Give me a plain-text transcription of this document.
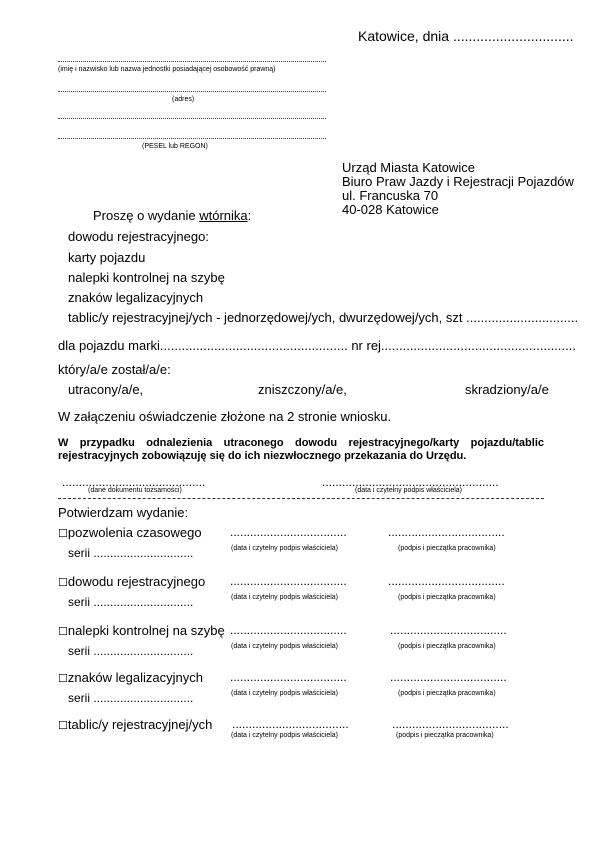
Katowice, dnia ...............................
(imię i nazwisko lub nazwa jednostki posiadającej osobowość prawną)
(adres)
(PESEL lub REGON)
Urząd Miasta Katowice
Biuro Praw Jazdy i Rejestracji Pojazdów
ul. Francuska 70
40-028 Katowice
Proszę o wydanie wtórnika:
dowodu rejestracyjnego:
karty pojazdu
nalepki kontrolnej na szybę
znaków legalizacyjnych
tablic/y rejestracyjnej/ych - jednorzędowej/ych, dwurzędowej/ych, szt ...............................
dla pojazdu marki.................................................... nr rej......................................................
który/a/e został/a/e:
utracony/a/e,	zniszczony/a/e,	skradziony/a/e
W załączeniu oświadczenie złożone na 2 stronie wniosku.
W przypadku odnalezienia utraconego dowodu rejestracyjnego/karty pojazdu/tablic rejestracyjnych zobowiązuję się do ich niezwłocznego przekazania do Urzędu.
...........................................
(dane dokumentu tożsamości)
.....................................................
(data i czytelny podpis właściciela)
Potwierdzam wydanie:
☐pozwolenia czasowego ...................................	...................................
serii ..............................	(data i czytelny podpis właściciela)	(podpis i pieczątka pracownika)
☐dowodu rejestracyjnego ...................................	...................................
serii ..............................	(data i czytelny podpis właściciela)	(podpis i pieczątka pracownika)
☐nalepki kontrolnej na szybę ...................................	...................................
serii ..............................	(data i czytelny podpis właściciela)	(podpis i pieczątka pracownika)
☐znaków legalizacyjnych ...................................	...................................
serii ..............................	(data i czytelny podpis właściciela)	(podpis i pieczątka pracownika)
☐tablic/y rejestracyjnej/ych ...................................	...................................
(data i czytelny podpis właściciela)	(podpis i pieczątka pracownika)
